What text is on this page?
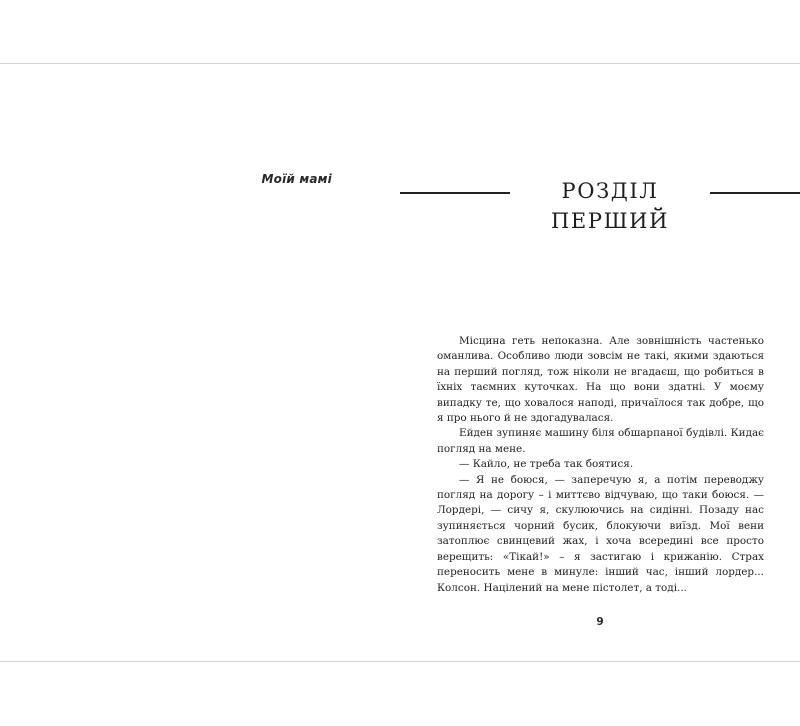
Моїй мамі	РОЗДІЛ ПЕРШИЙ

Місцина геть непоказна. Але зовнішність частенько оманлива. Особливо люди зовсім не такі, якими здаються на перший погляд, тож ніколи не вгадаєш, що робиться в їхніх таємних куточках. На що вони здатні. У моєму випадку те, що ховалося наподі, причаїлося так добре, що я про нього й не здогадувалася.

Ейден зупиняє машину біля обшарпаної будівлі. Кидає погляд на мене.

— Кайло, не треба так боятися.

— Я не боюся, — заперечую я, а потім переводжу погляд на дорогу – і миттєво відчуваю, що таки боюся. — Лордері, — сичу я, скулюючись на сидінні. Позаду нас зупиняється чорний бусик, блокуючи виїзд. Мої вени затоплює свинцевий жах, і хоча всередині все просто верещить: «Тікай!» – я застигаю і крижанію. Страх переносить мене в минуле: інший час, інший лордер... Колсон. Націлений на мене пістолет, а тоді...

9
